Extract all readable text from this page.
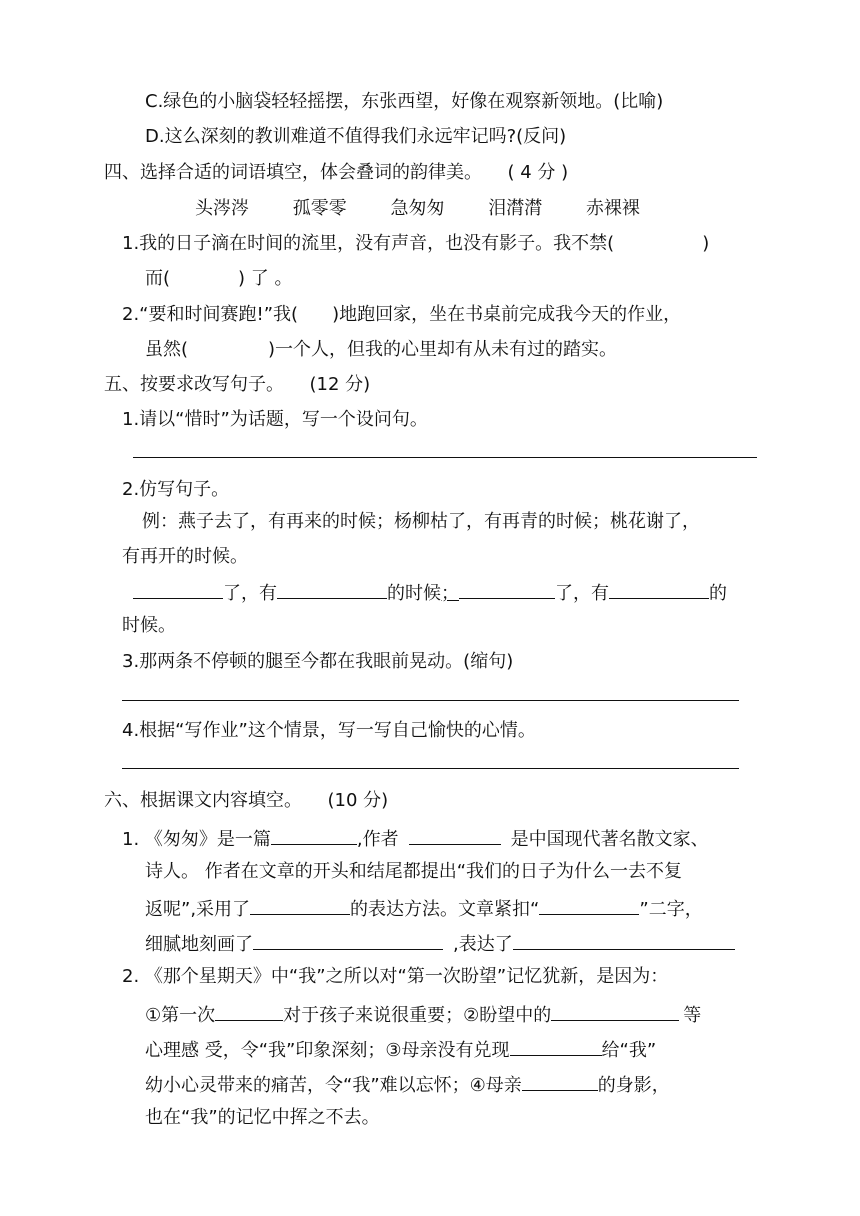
C.绿色的小脑袋轻轻摇摆，东张西望，好像在观察新领地。(比喻)
D.这么深刻的教训难道不值得我们永远牢记吗?(反问)
四、选择合适的词语填空，体会叠词的韵律美。 ( 4 分 )
头涔涔 孤零零 急匆匆 泪潸潸 赤裸裸
1.我的日子滴在时间的流里，没有声音，也没有影子。我不禁(	)
而(	) 了 。
2.“要和时间赛跑!”我( )地跑回家，坐在书桌前完成我今天的作业，
虽然(	)一个人，但我的心里却有从未有过的踏实。
五、按要求改写句子。 (12 分)
1.请以“惜时”为话题，写一个设问句。
2.仿写句子。
例：燕子去了，有再来的时候；杨柳枯了，有再青的时候；桃花谢了，
有再开的时候。
了，有	的时候；	了，有	的
时候。
3.那两条不停顿的腿至今都在我眼前晃动。(缩句)
4.根据“写作业”这个情景，写一写自己愉快的心情。
六、根据课文内容填空。 (10 分)
1. 《匆匆》是一篇	,作者	是中国现代著名散文家、
诗人。 作者在文章的开头和结尾都提出“我们的日子为什么一去不复
返呢”,采用了	的表达方法。文章紧扣“	”二字，
细腻地刻画了	,表达了
2. 《那个星期天》中“我”之所以对“第一次盼望”记忆犹新，是因为：
①第一次	对于孩子来说很重要；②盼望中的	等
心理感 受，令“我”印象深刻；③母亲没有兑现	给“我”
幼小心灵带来的痛苦，令“我”难以忘怀；④母亲	的身影，
也在“我”的记忆中挥之不去。
